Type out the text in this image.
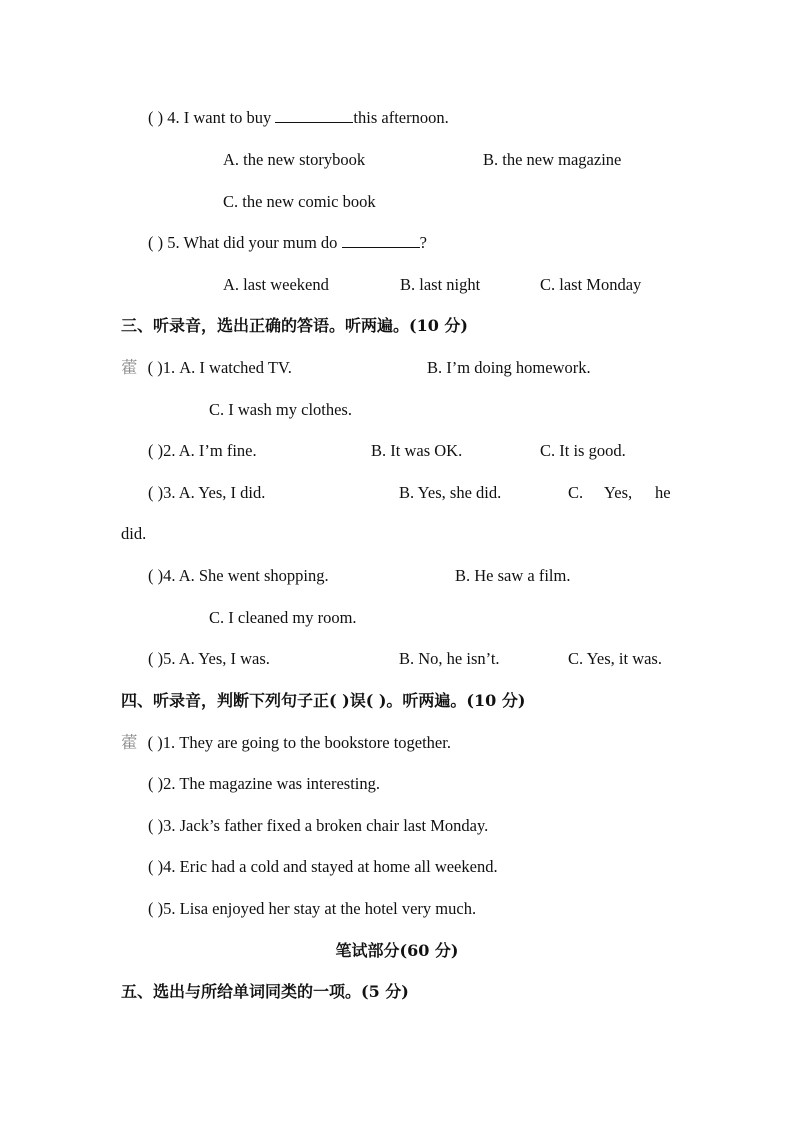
( ) 4. I want to buy	this afternoon.
A. the new storybook	B. the new magazine
C. the new comic book
( ) 5. What did your mum do	?
A. last weekend	B. last night	C. last Monday
三、听录音，选出正确的答语。听两遍。(10 分)
藿 ( )1. A. I watched TV.	B. I’m doing homework.
C. I wash my clothes.
( )2. A. I’m fine.	B. It was OK.	C. It is good.
( )3. A. Yes, I did.	B. Yes, she did.	C. Yes, he
did.
( )4. A. She went shopping.	B. He saw a film.
C. I cleaned my room.
( )5. A. Yes, I was.	B. No, he isn’t.	C. Yes, it was.
四、听录音，判断下列句子正( )误( )。听两遍。(10 分)
藿 ( )1. They are going to the bookstore together.
( )2. The magazine was interesting.
( )3. Jack’s father fixed a broken chair last Monday.
( )4. Eric had a cold and stayed at home all weekend.
( )5. Lisa enjoyed her stay at the hotel very much.
笔试部分(60 分)
五、选出与所给单词同类的一项。(5 分)
